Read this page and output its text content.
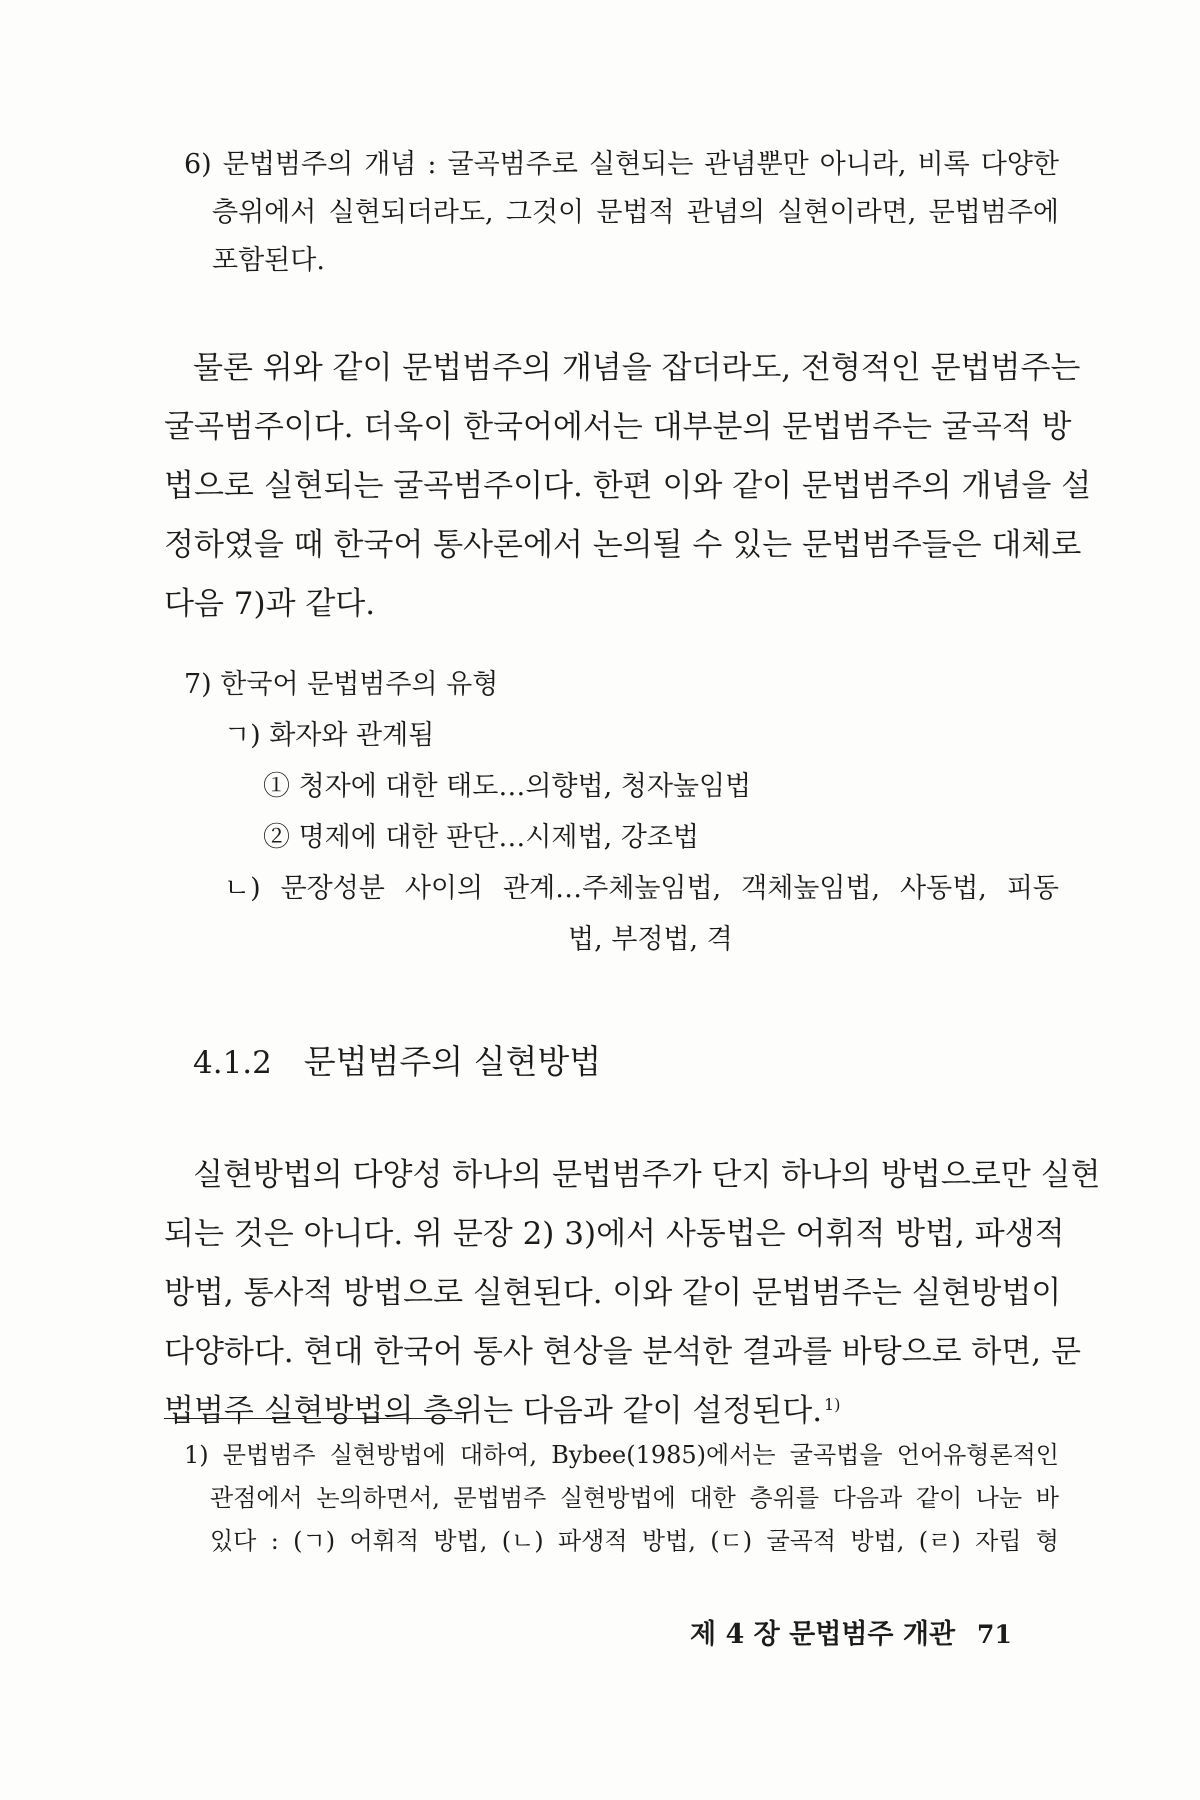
6) 문법범주의 개념 : 굴곡범주로 실현되는 관념뿐만 아니라, 비록 다양한
층위에서 실현되더라도, 그것이 문법적 관념의 실현이라면, 문법범주에
포함된다.
물론 위와 같이 문법범주의 개념을 잡더라도, 전형적인 문법범주는
굴곡범주이다. 더욱이 한국어에서는 대부분의 문법범주는 굴곡적 방
법으로 실현되는 굴곡범주이다. 한편 이와 같이 문법범주의 개념을 설
정하였을 때 한국어 통사론에서 논의될 수 있는 문법범주들은 대체로
다음 7)과 같다.
7) 한국어 문법범주의 유형
ㄱ) 화자와 관계됨
① 청자에 대한 태도…의향법, 청자높임법
② 명제에 대한 판단…시제법, 강조법
ㄴ) 문장성분 사이의 관계…주체높임법, 객체높임법, 사동법, 피동
법, 부정법, 격
4.1.2 문법범주의 실현방법
실현방법의 다양성 하나의 문법범주가 단지 하나의 방법으로만 실현
되는 것은 아니다. 위 문장 2) 3)에서 사동법은 어휘적 방법, 파생적
방법, 통사적 방법으로 실현된다. 이와 같이 문법범주는 실현방법이
다양하다. 현대 한국어 통사 현상을 분석한 결과를 바탕으로 하면, 문
법범주 실현방법의 층위는 다음과 같이 설정된다. $^{1)}$
1) 문법범주 실현방법에 대하여, Bybee(1985)에서는 굴곡법을 언어유형론적인
관점에서 논의하면서, 문법범주 실현방법에 대한 층위를 다음과 같이 나눈 바
있다 : (ㄱ) 어휘적 방법, (ㄴ) 파생적 방법, (ㄷ) 굴곡적 방법, (ㄹ) 자립 형
제 4 장 문법범주 개관 71
